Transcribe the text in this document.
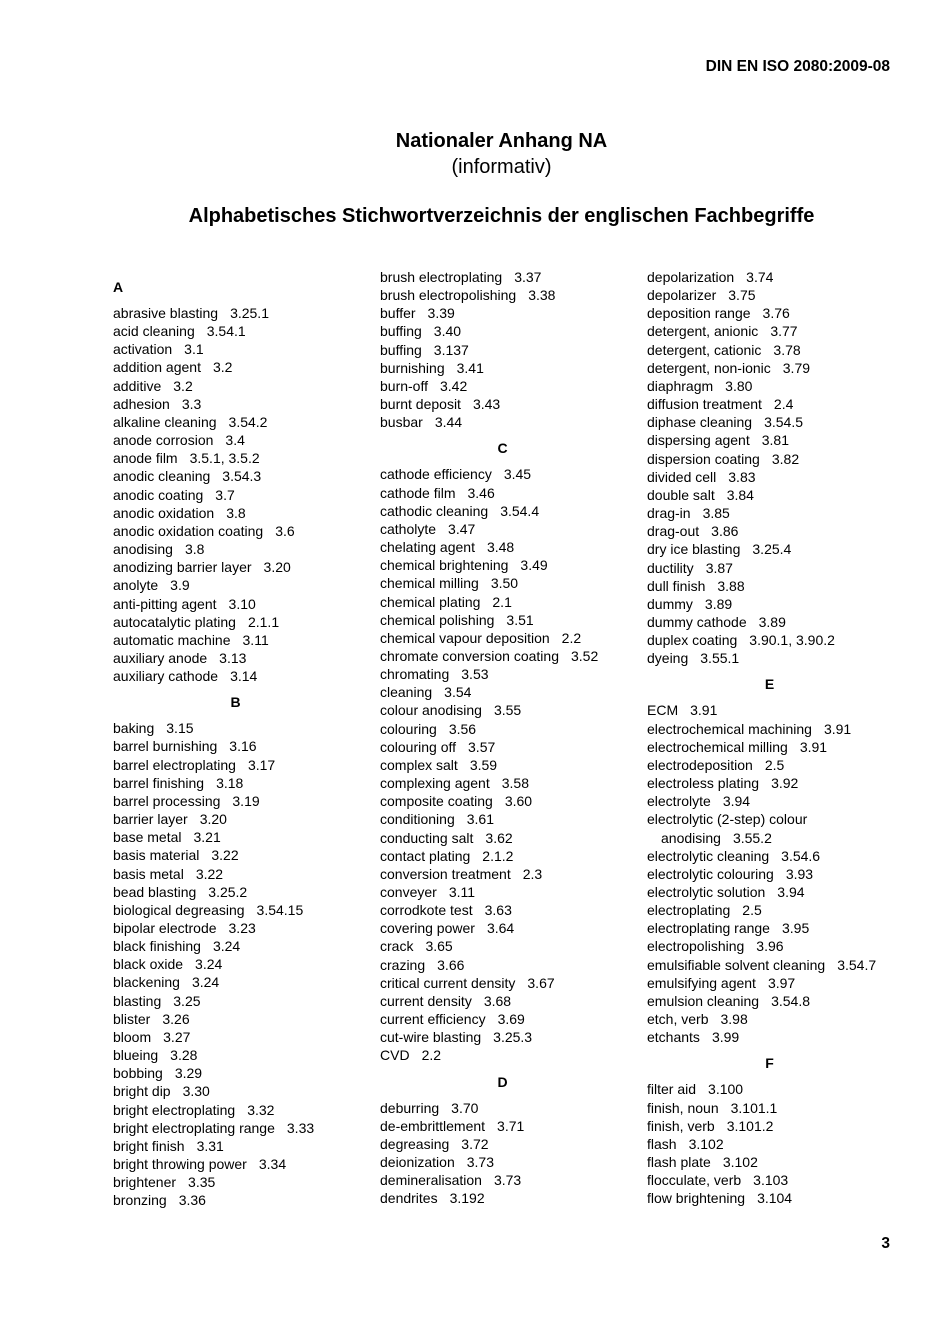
DIN EN ISO 2080:2009-08
Nationaler Anhang NA
(informativ)
Alphabetisches Stichwortverzeichnis der englischen Fachbegriffe
A
abrasive blasting 3.25.1
acid cleaning 3.54.1
activation 3.1
addition agent 3.2
additive 3.2
adhesion 3.3
alkaline cleaning 3.54.2
anode corrosion 3.4
anode film 3.5.1, 3.5.2
anodic cleaning 3.54.3
anodic coating 3.7
anodic oxidation 3.8
anodic oxidation coating 3.6
anodising 3.8
anodizing barrier layer 3.20
anolyte 3.9
anti-pitting agent 3.10
autocatalytic plating 2.1.1
automatic machine 3.11
auxiliary anode 3.13
auxiliary cathode 3.14
B
baking 3.15
barrel burnishing 3.16
barrel electroplating 3.17
barrel finishing 3.18
barrel processing 3.19
barrier layer 3.20
base metal 3.21
basis material 3.22
basis metal 3.22
bead blasting 3.25.2
biological degreasing 3.54.15
bipolar electrode 3.23
black finishing 3.24
black oxide 3.24
blackening 3.24
blasting 3.25
blister 3.26
bloom 3.27
blueing 3.28
bobbing 3.29
bright dip 3.30
bright electroplating 3.32
bright electroplating range 3.33
bright finish 3.31
bright throwing power 3.34
brightener 3.35
bronzing 3.36
brush electroplating 3.37
brush electropolishing 3.38
buffer 3.39
buffing 3.40
buffing 3.137
burnishing 3.41
burn-off 3.42
burnt deposit 3.43
busbar 3.44
C
cathode efficiency 3.45
cathode film 3.46
cathodic cleaning 3.54.4
catholyte 3.47
chelating agent 3.48
chemical brightening 3.49
chemical milling 3.50
chemical plating 2.1
chemical polishing 3.51
chemical vapour deposition 2.2
chromate conversion coating 3.52
chromating 3.53
cleaning 3.54
colour anodising 3.55
colouring 3.56
colouring off 3.57
complex salt 3.59
complexing agent 3.58
composite coating 3.60
conditioning 3.61
conducting salt 3.62
contact plating 2.1.2
conversion treatment 2.3
conveyer 3.11
corrodkote test 3.63
covering power 3.64
crack 3.65
crazing 3.66
critical current density 3.67
current density 3.68
current efficiency 3.69
cut-wire blasting 3.25.3
CVD 2.2
D
deburring 3.70
de-embrittlement 3.71
degreasing 3.72
deionization 3.73
demineralisation 3.73
dendrites 3.192
depolarization 3.74
depolarizer 3.75
deposition range 3.76
detergent, anionic 3.77
detergent, cationic 3.78
detergent, non-ionic 3.79
diaphragm 3.80
diffusion treatment 2.4
diphase cleaning 3.54.5
dispersing agent 3.81
dispersion coating 3.82
divided cell 3.83
double salt 3.84
drag-in 3.85
drag-out 3.86
dry ice blasting 3.25.4
ductility 3.87
dull finish 3.88
dummy 3.89
dummy cathode 3.89
duplex coating 3.90.1, 3.90.2
dyeing 3.55.1
E
ECM 3.91
electrochemical machining 3.91
electrochemical milling 3.91
electrodeposition 2.5
electroless plating 3.92
electrolyte 3.94
electrolytic (2-step) colour
anodising 3.55.2
electrolytic cleaning 3.54.6
electrolytic colouring 3.93
electrolytic solution 3.94
electroplating 2.5
electroplating range 3.95
electropolishing 3.96
emulsifiable solvent cleaning 3.54.7
emulsifying agent 3.97
emulsion cleaning 3.54.8
etch, verb 3.98
etchants 3.99
F
filter aid 3.100
finish, noun 3.101.1
finish, verb 3.101.2
flash 3.102
flash plate 3.102
flocculate, verb 3.103
flow brightening 3.104
3
